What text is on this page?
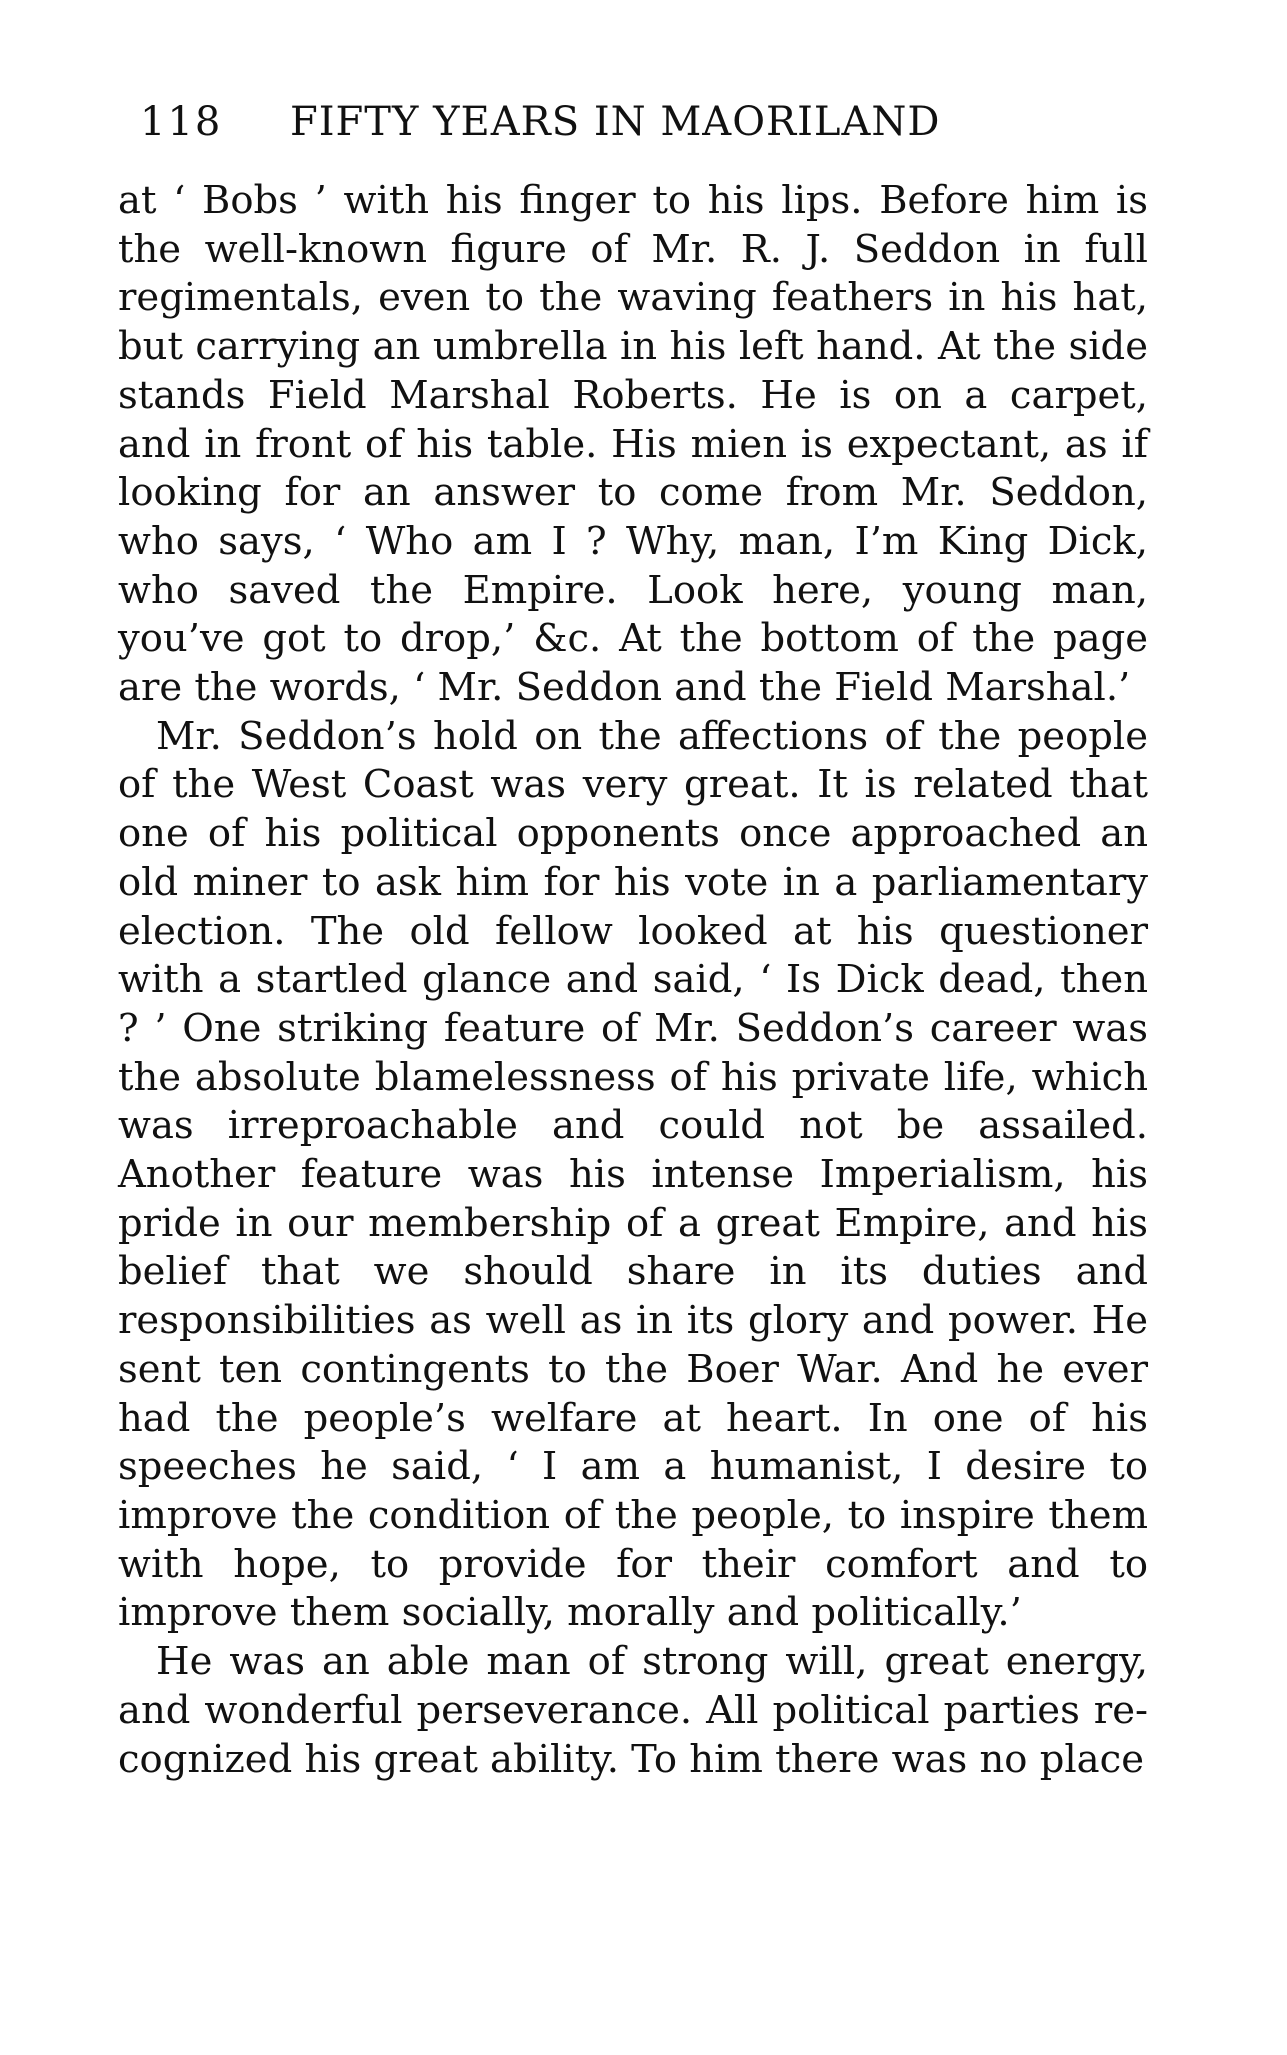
118 FIFTY YEARS IN MAORILAND

at ‘ Bobs ’ with his finger to his lips. Before him is the well-known figure of Mr. R. J. Seddon in full regimentals, even to the waving feathers in his hat, but carrying an umbrella in his left hand. At the side stands Field Marshal Roberts. He is on a carpet, and in front of his table. His mien is expectant, as if looking for an answer to come from Mr. Seddon, who says, ‘ Who am I ? Why, man, I’m King Dick, who saved the Empire. Look here, young man, you’ve got to drop,’ &c. At the bottom of the page are the words, ‘ Mr. Seddon and the Field Marshal.’

Mr. Seddon’s hold on the affections of the people of the West Coast was very great. It is related that one of his political opponents once approached an old miner to ask him for his vote in a parliamentary election. The old fellow looked at his questioner with a startled glance and said, ‘ Is Dick dead, then ? ’ One striking feature of Mr. Seddon’s career was the absolute blamelessness of his private life, which was irreproachable and could not be assailed. Another feature was his intense Imperialism, his pride in our membership of a great Empire, and his belief that we should share in its duties and responsibilities as well as in its glory and power. He sent ten contingents to the Boer War. And he ever had the people’s welfare at heart. In one of his speeches he said, ‘ I am a humanist, I desire to improve the condition of the people, to inspire them with hope, to provide for their comfort and to improve them socially, morally and politically.’

He was an able man of strong will, great energy, and wonderful perseverance. All political parties recognized his great ability. To him there was no place
